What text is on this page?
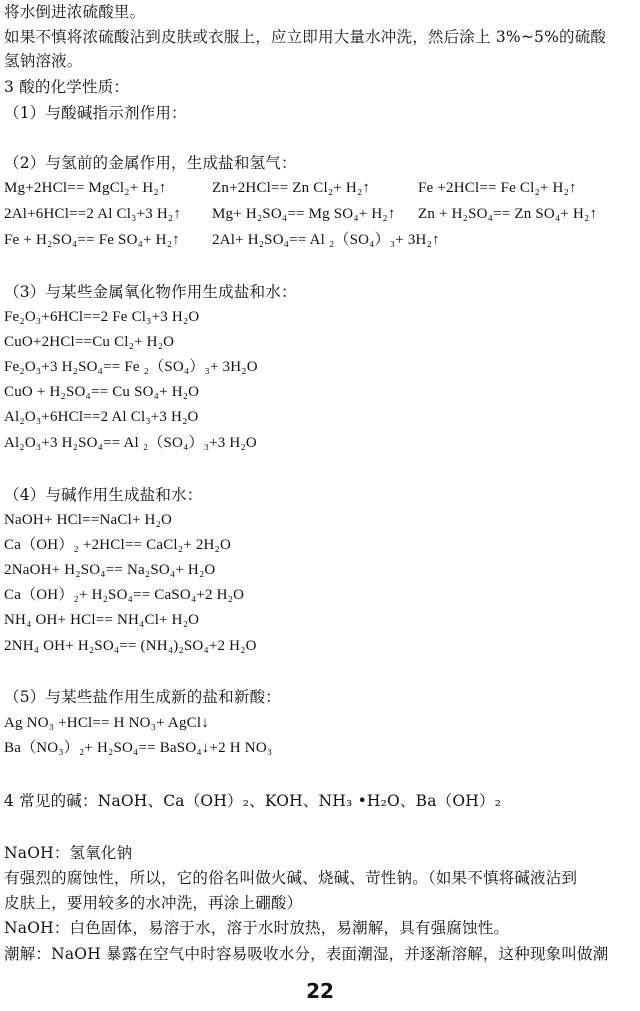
将水倒进浓硫酸里。
如果不慎将浓硫酸沾到皮肤或衣服上，应立即用大量水冲洗，然后涂上 3%~5%的硫酸
氢钠溶液。
3 酸的化学性质：
（1）与酸碱指示剂作用：
（2）与氢前的金属作用，生成盐和氢气：
Mg+2HCl== MgCl₂+ H₂↑	Zn+2HCl== Zn Cl₂+ H₂↑	Fe +2HCl== Fe Cl₂+ H₂↑
2Al+6HCl==2 Al Cl₃+3 H₂↑ Mg+ H₂SO₄== Mg SO₄+ H₂↑ Zn + H₂SO₄== Zn SO₄+ H₂↑
Fe + H₂SO₄== Fe SO₄+ H₂↑ 2Al+ H₂SO₄== Al ₂（SO₄）₃+ 3H₂↑
（3）与某些金属氧化物作用生成盐和水：
Fe₂O₃+6HCl==2 Fe Cl₃+3 H₂O
CuO+2HCl==Cu Cl₂+ H₂O
Fe₂O₃+3 H₂SO₄== Fe ₂（SO₄）₃+ 3H₂O
CuO + H₂SO₄== Cu SO₄+ H₂O
Al₂O₃+6HCl==2 Al Cl₃+3 H₂O
Al₂O₃+3 H₂SO₄== Al ₂（SO₄）₃+3 H₂O
（4）与碱作用生成盐和水：
NaOH+ HCl==NaCl+ H₂O
Ca（OH）₂ +2HCl== CaCl₂+ 2H₂O
2NaOH+ H₂SO₄== Na₂SO₄+ H₂O
Ca（OH）₂+ H₂SO₄== CaSO₄+2 H₂O
NH₄ OH+ HCl== NH₄Cl+ H₂O
2NH₄ OH+ H₂SO₄== (NH₄)₂SO₄+2 H₂O
（5）与某些盐作用生成新的盐和新酸：
Ag NO₃ +HCl== H NO₃+ AgCl↓
Ba（NO₃）₂+ H₂SO₄== BaSO₄↓+2 H NO₃
4 常见的碱：NaOH、Ca（OH）₂、KOH、NH₃ •H₂O、Ba（OH）₂
NaOH：氢氧化钠
有强烈的腐蚀性，所以，它的俗名叫做火碱、烧碱、苛性钠。（如果不慎将碱液沾到
皮肤上，要用较多的水冲洗，再涂上硼酸）
NaOH：白色固体，易溶于水，溶于水时放热，易潮解，具有强腐蚀性。
潮解：NaOH 暴露在空气中时容易吸收水分，表面潮湿，并逐渐溶解，这种现象叫做潮
22
